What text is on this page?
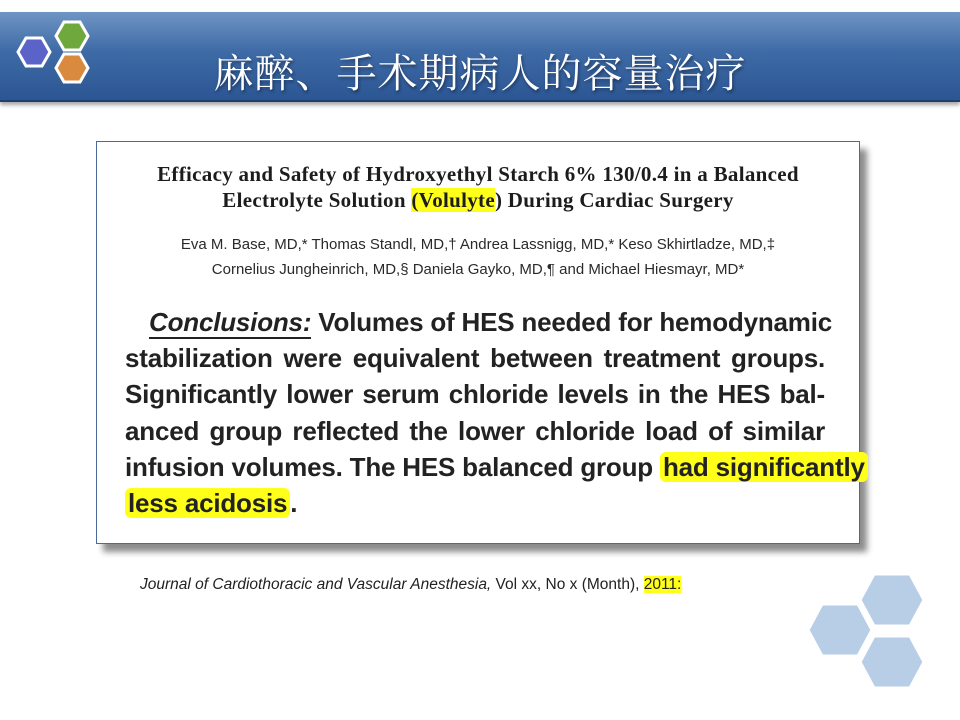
麻醉、手术期病人的容量治疗
Efficacy and Safety of Hydroxyethyl Starch 6% 130/0.4 in a Balanced
Electrolyte Solution (Volulyte) During Cardiac Surgery
Eva M. Base, MD,* Thomas Standl, MD,† Andrea Lassnigg, MD,* Keso Skhirtladze, MD,‡
Cornelius Jungheinrich, MD,§ Daniela Gayko, MD,¶ and Michael Hiesmayr, MD*
Conclusions: Volumes of HES needed for hemodynamic
stabilization were equivalent between treatment groups.
Significantly lower serum chloride levels in the HES bal-
anced group reflected the lower chloride load of similar
infusion volumes. The HES balanced group had significantly
less acidosis .
Journal of Cardiothoracic and Vascular Anesthesia, Vol xx, No x (Month), 2011:
